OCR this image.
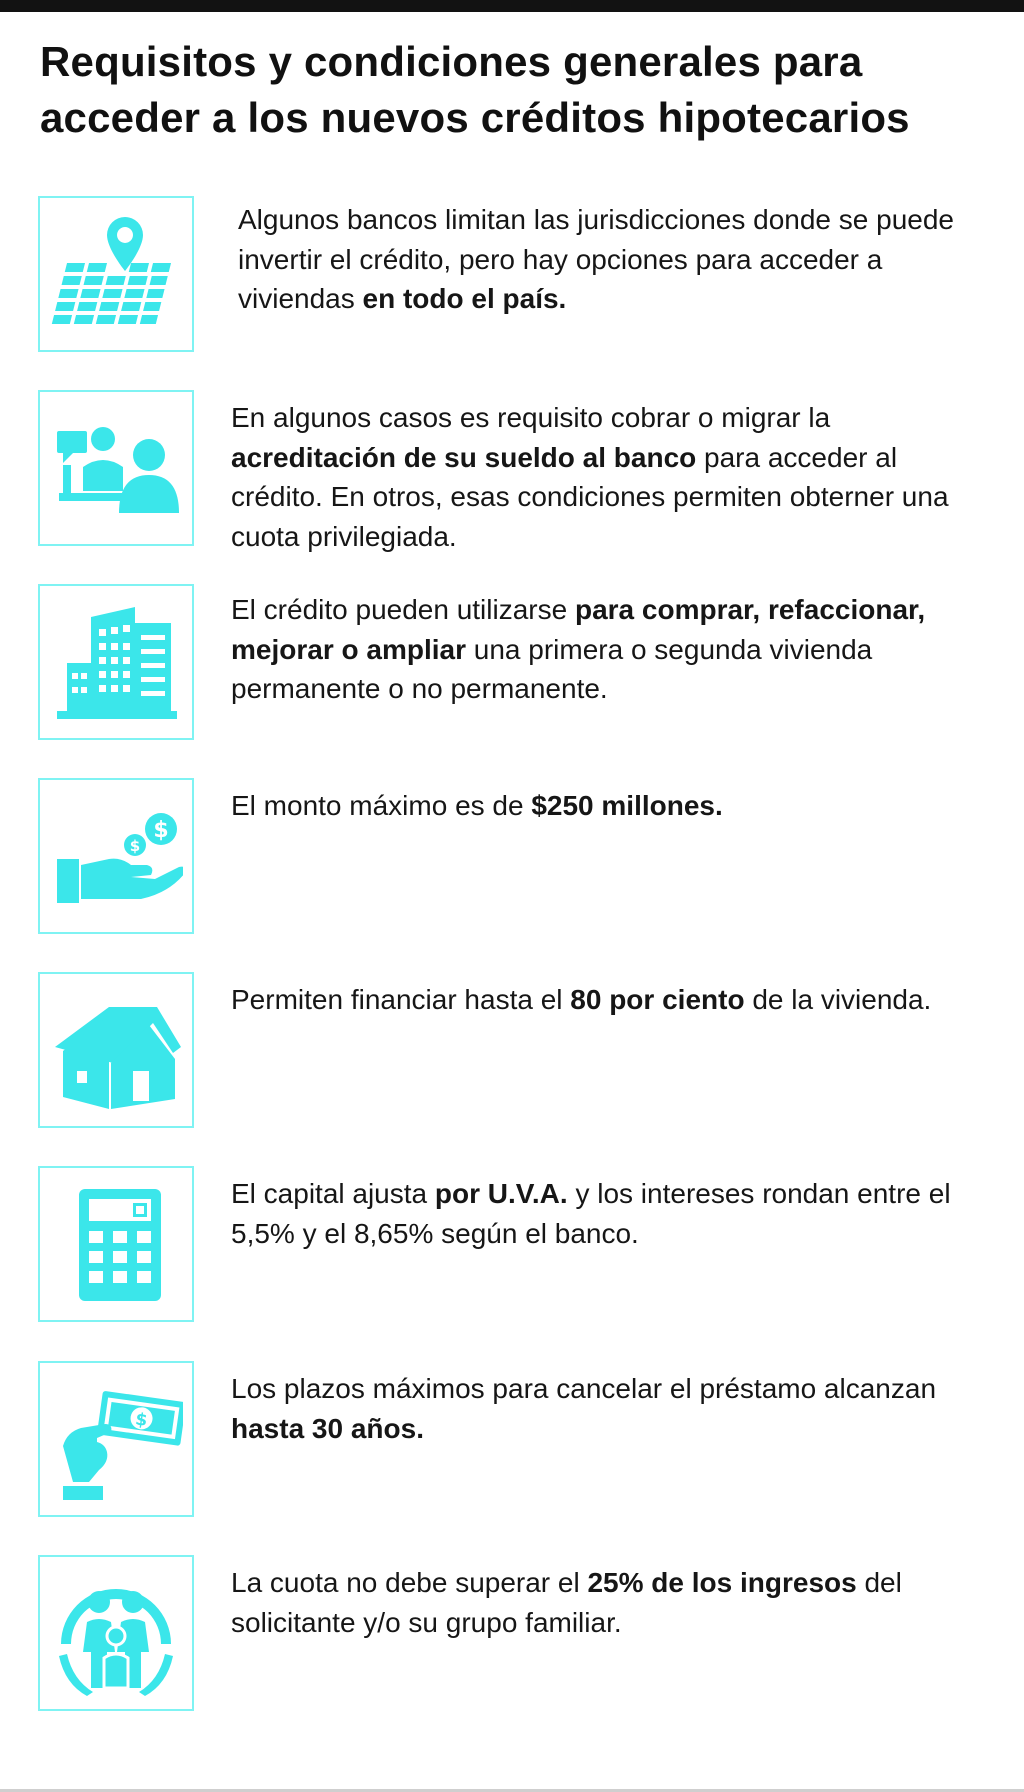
Requisitos y condiciones generales para acceder a los nuevos créditos hipotecarios
Algunos bancos limitan las jurisdicciones donde se puede invertir el crédito, pero hay opciones para acceder a viviendas en todo el país.
En algunos casos es requisito cobrar o migrar la acreditación de su sueldo al banco para acceder al crédito. En otros, esas condiciones permiten obterner una cuota privilegiada.
El crédito pueden utilizarse para comprar, refaccionar, mejorar o ampliar una primera o segunda vivienda permanente o no permanente.
$
$
El monto máximo es de $250 millones.
Permiten financiar hasta el 80 por ciento de la vivienda.
El capital ajusta por U.V.A. y los intereses rondan entre el 5,5% y el 8,65% según el banco.
$
Los plazos máximos para cancelar el préstamo alcanzan hasta 30 años.
La cuota no debe superar el 25% de los ingresos del solicitante y/o su grupo familiar.
